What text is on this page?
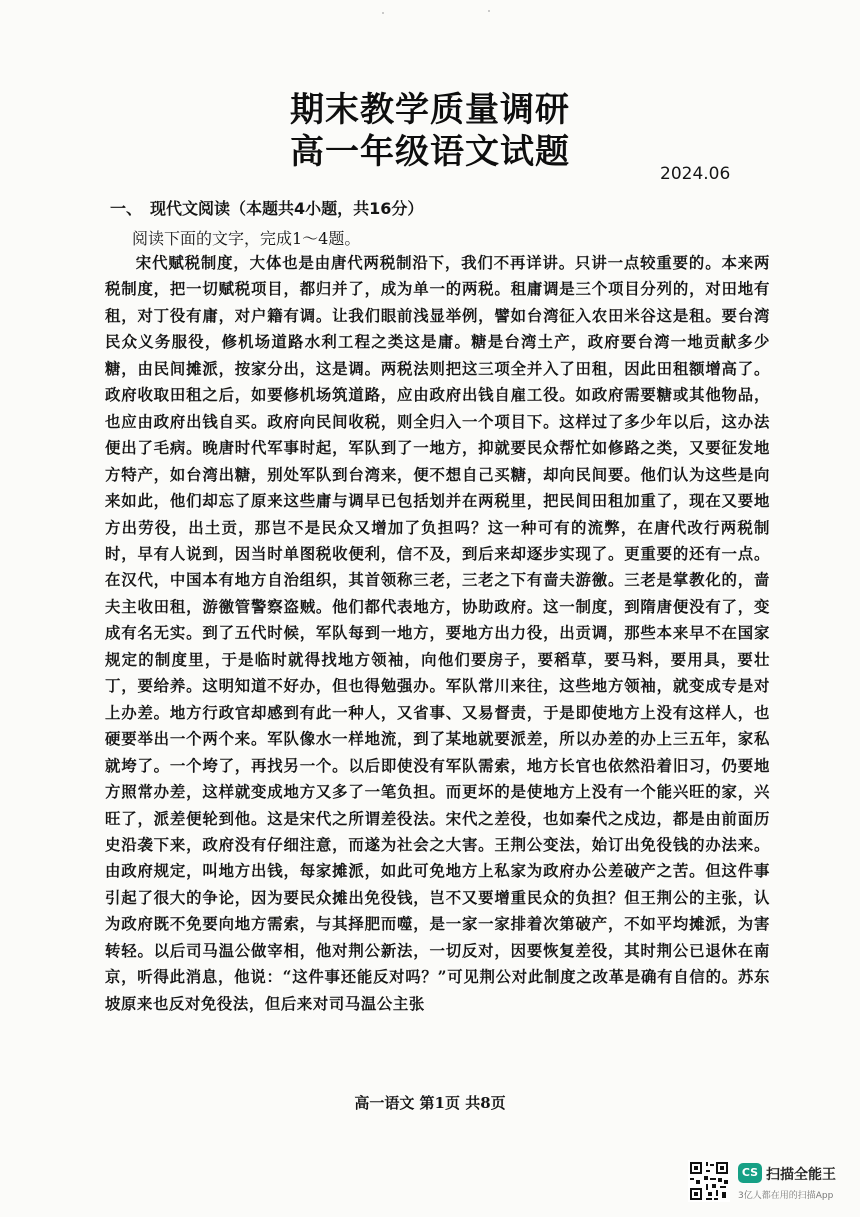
期末教学质量调研
高一年级语文试题
2024.06
一、 现代文阅读（本题共4小题，共16分）
阅读下面的文字，完成1～4题。

宋代赋税制度，大体也是由唐代两税制沿下，我们不再详讲。只讲一点较重要的。本来两税制度，把一切赋税项目，都归并了，成为单一的两税。租庸调是三个项目分列的，对田地有租，对丁役有庸，对户籍有调。让我们眼前浅显举例，譬如台湾征入农田米谷这是租。要台湾民众义务服役，修机场道路水利工程之类这是庸。糖是台湾土产，政府要台湾一地贡献多少糖，由民间摊派，按家分出，这是调。两税法则把这三项全并入了田租，因此田租额增高了。政府收取田租之后，如要修机场筑道路，应由政府出钱自雇工役。如政府需要糖或其他物品，也应由政府出钱自买。政府向民间收税，则全归入一个项目下。这样过了多少年以后，这办法便出了毛病。晚唐时代军事时起，军队到了一地方，抑就要民众帮忙如修路之类，又要征发地方特产，如台湾出糖，别处军队到台湾来，便不想自己买糖，却向民间要。他们认为这些是向来如此，他们却忘了原来这些庸与调早已包括划并在两税里，把民间田租加重了，现在又要地方出劳役，出土贡，那岂不是民众又增加了负担吗？这一种可有的流弊，在唐代改行两税制时，早有人说到，因当时单图税收便利，信不及，到后来却逐步实现了。更重要的还有一点。在汉代，中国本有地方自治组织，其首领称三老，三老之下有啬夫游徼。三老是掌教化的，啬夫主收田租，游徼管警察盗贼。他们都代表地方，协助政府。这一制度，到隋唐便没有了，变成有名无实。到了五代时候，军队每到一地方，要地方出力役，出贡调，那些本来早不在国家规定的制度里，于是临时就得找地方领袖，向他们要房子，要稻草，要马料，要用具，要壮丁，要给养。这明知道不好办，但也得勉强办。军队常川来往，这些地方领袖，就变成专是对上办差。地方行政官却感到有此一种人，又省事、又易督责，于是即使地方上没有这样人，也硬要举出一个两个来。军队像水一样地流，到了某地就要派差，所以办差的办上三五年，家私就垮了。一个垮了，再找另一个。以后即使没有军队需索，地方长官也依然沿着旧习，仍要地方照常办差，这样就变成地方又多了一笔负担。而更坏的是使地方上没有一个能兴旺的家，兴旺了，派差便轮到他。这是宋代之所谓差役法。宋代之差役，也如秦代之戍边，都是由前面历史沿袭下来，政府没有仔细注意，而遂为社会之大害。王荆公变法，始订出免役钱的办法来。由政府规定，叫地方出钱，每家摊派，如此可免地方上私家为政府办公差破产之苦。但这件事引起了很大的争论，因为要民众摊出免役钱，岂不又要增重民众的负担？但王荆公的主张，认为政府既不免要向地方需索，与其择肥而噬，是一家一家排着次第破产，不如平均摊派，为害转轻。以后司马温公做宰相，他对荆公新法，一切反对，因要恢复差役，其时荆公已退休在南京，听得此消息，他说：“这件事还能反对吗？”可见荆公对此制度之改革是确有自信的。苏东坡原来也反对免役法，但后来对司马温公主张

高一语文 第1页 共8页
CS 扫描全能王
3亿人都在用的扫描App
